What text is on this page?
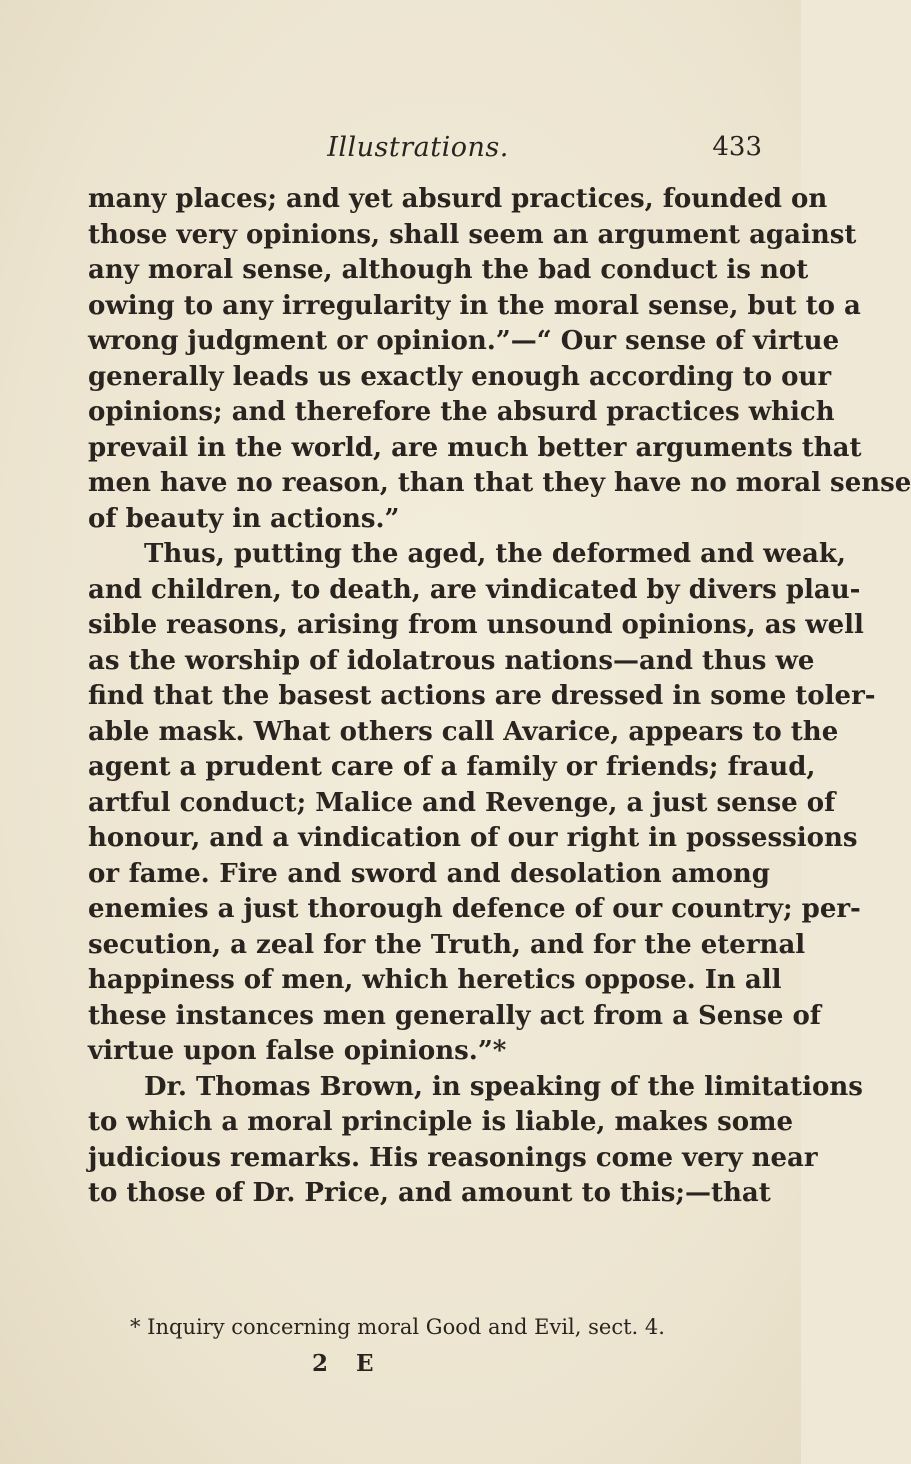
Illustrations.	433
many places; and yet absurd practices, founded on
those very opinions, shall seem an argument against
any moral sense, although the bad conduct is not
owing to any irregularity in the moral sense, but to a
wrong judgment or opinion.”—“ Our sense of virtue
generally leads us exactly enough according to our
opinions; and therefore the absurd practices which
prevail in the world, are much better arguments that
men have no reason, than that they have no moral sense
of beauty in actions.”
Thus, putting the aged, the deformed and weak,
and children, to death, are vindicated by divers plau-
sible reasons, arising from unsound opinions, as well
as the worship of idolatrous nations—and thus we
find that the basest actions are dressed in some toler-
able mask. What others call Avarice, appears to the
agent a prudent care of a family or friends; fraud,
artful conduct; Malice and Revenge, a just sense of
honour, and a vindication of our right in possessions
or fame. Fire and sword and desolation among
enemies a just thorough defence of our country; per-
secution, a zeal for the Truth, and for the eternal
happiness of men, which heretics oppose. In all
these instances men generally act from a Sense of
virtue upon false opinions.”*
Dr. Thomas Brown, in speaking of the limitations
to which a moral principle is liable, makes some
judicious remarks. His reasonings come very near
to those of Dr. Price, and amount to this;—that
* Inquiry concerning moral Good and Evil, sect. 4.
2 E
